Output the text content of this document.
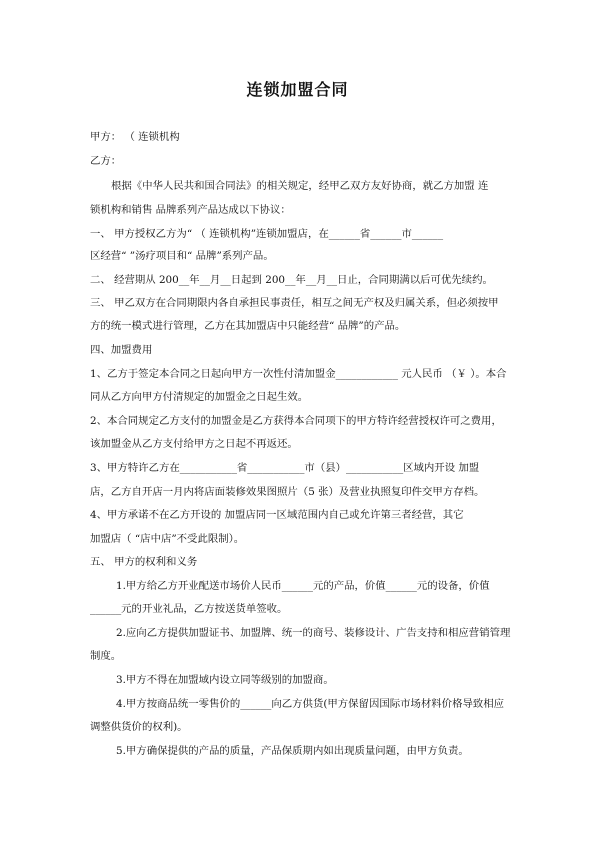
连锁加盟合同
甲方： （ 连锁机构
乙方：
根据《中华人民共和国合同法》的相关规定，经甲乙双方友好协商，就乙方加盟 连
锁机构和销售 品牌系列产品达成以下协议：
一、 甲方授权乙方为“ （ 连锁机构”连锁加盟店，在______省______市______
区经营“ ”汤疗项目和“ 品牌”系列产品。
二、 经营期从 200__年__月__日起到 200__年__月__日止，合同期满以后可优先续约。
三、 甲乙双方在合同期限内各自承担民事责任，相互之间无产权及归属关系，但必须按甲
方的统一模式进行管理，乙方在其加盟店中只能经营“ 品牌”的产品。
四、加盟费用
1、乙方于签定本合同之日起向甲方一次性付清加盟金____________ 元人民币 （￥ ）。本合
同从乙方向甲方付清规定的加盟金之日起生效。
2、本合同规定乙方支付的加盟金是乙方获得本合同项下的甲方特许经营授权许可之费用，
该加盟金从乙方支付给甲方之日起不再返还。
3、甲方特许乙方在___________省___________市（县）___________区域内开设 加盟
店，乙方自开店一月内将店面装修效果图照片（5 张）及营业执照复印件交甲方存档。
4、甲方承诺不在乙方开设的 加盟店同一区域范围内自己或允许第三者经营，其它
加盟店（ “店中店”不受此限制）。
五、 甲方的权利和义务
1.甲方给乙方开业配送市场价人民币______元的产品，价值______元的设备，价值
______元的开业礼品，乙方按送货单签收。
2.应向乙方提供加盟证书、加盟牌、统一的商号、装修设计、广告支持和相应营销管理
制度。
3.甲方不得在加盟域内设立同等级别的加盟商。
4.甲方按商品统一零售价的______向乙方供货(甲方保留因国际市场材料价格导致相应
调整供货价的权利)。
5.甲方确保提供的产品的质量，产品保质期内如出现质量问题，由甲方负责。
